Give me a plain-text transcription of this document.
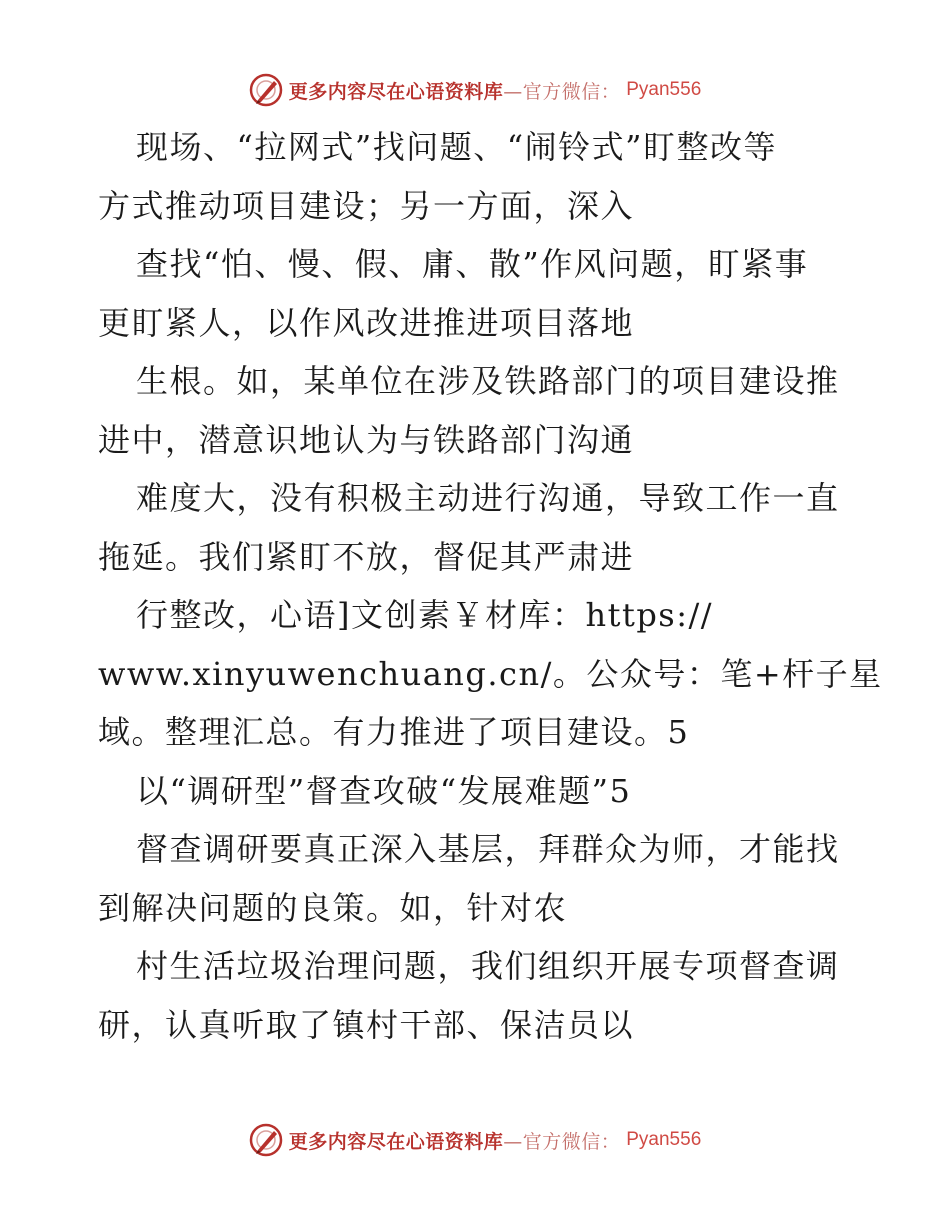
更多内容尽在心语资料库—官方微信： Pyan556
现场、“拉网式”找问题、“闹铃式”盯整改等
方式推动项目建设；另一方面，深入
查找“怕、慢、假、庸、散”作风问题，盯紧事
更盯紧人，以作风改进推进项目落地
生根。如，某单位在涉及铁路部门的项目建设推
进中，潜意识地认为与铁路部门沟通
难度大，没有积极主动进行沟通，导致工作一直
拖延。我们紧盯不放，督促其严肃进
行整改，心语]文创素￥材库：https://
www.xinyuwenchuang.cn/。公众号：笔+杆子星
域。整理汇总。有力推进了项目建设。5
以“调研型”督查攻破“发展难题”5
督查调研要真正深入基层，拜群众为师，才能找
到解决问题的良策。如，针对农
村生活垃圾治理问题，我们组织开展专项督查调
研，认真听取了镇村干部、保洁员以
更多内容尽在心语资料库—官方微信： Pyan556
